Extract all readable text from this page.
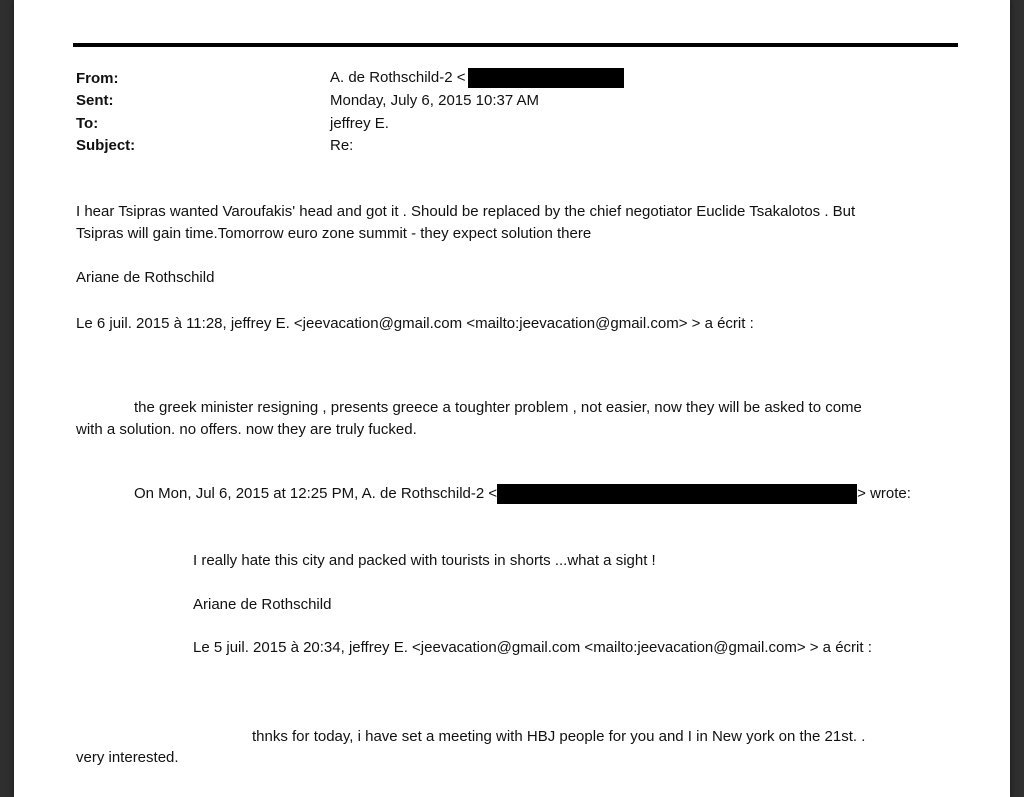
From:
Sent:
To:
Subject:
A. de Rothschild-2 <
Monday, July 6, 2015 10:37 AM
jeffrey E.
Re:
I hear Tsipras wanted Varoufakis' head and got it . Should be replaced by the chief negotiator Euclide Tsakalotos . But
Tsipras will gain time.Tomorrow euro zone summit - they expect solution there
Ariane de Rothschild
Le 6 juil. 2015 à 11:28, jeffrey E. <jeevacation@gmail.com <mailto:jeevacation@gmail.com> > a écrit :
the greek minister resigning , presents greece a toughter problem , not easier, now they will be asked to come
with a solution. no offers. now they are truly fucked.
On Mon, Jul 6, 2015 at 12:25 PM, A. de Rothschild-2 <	> wrote:
I really hate this city and packed with tourists in shorts ...what a sight !
Ariane de Rothschild
Le 5 juil. 2015 à 20:34, jeffrey E. <jeevacation@gmail.com <mailto:jeevacation@gmail.com> > a écrit :
thnks for today, i have set a meeting with HBJ people for you and I in New york on the 21st. .
very interested.
